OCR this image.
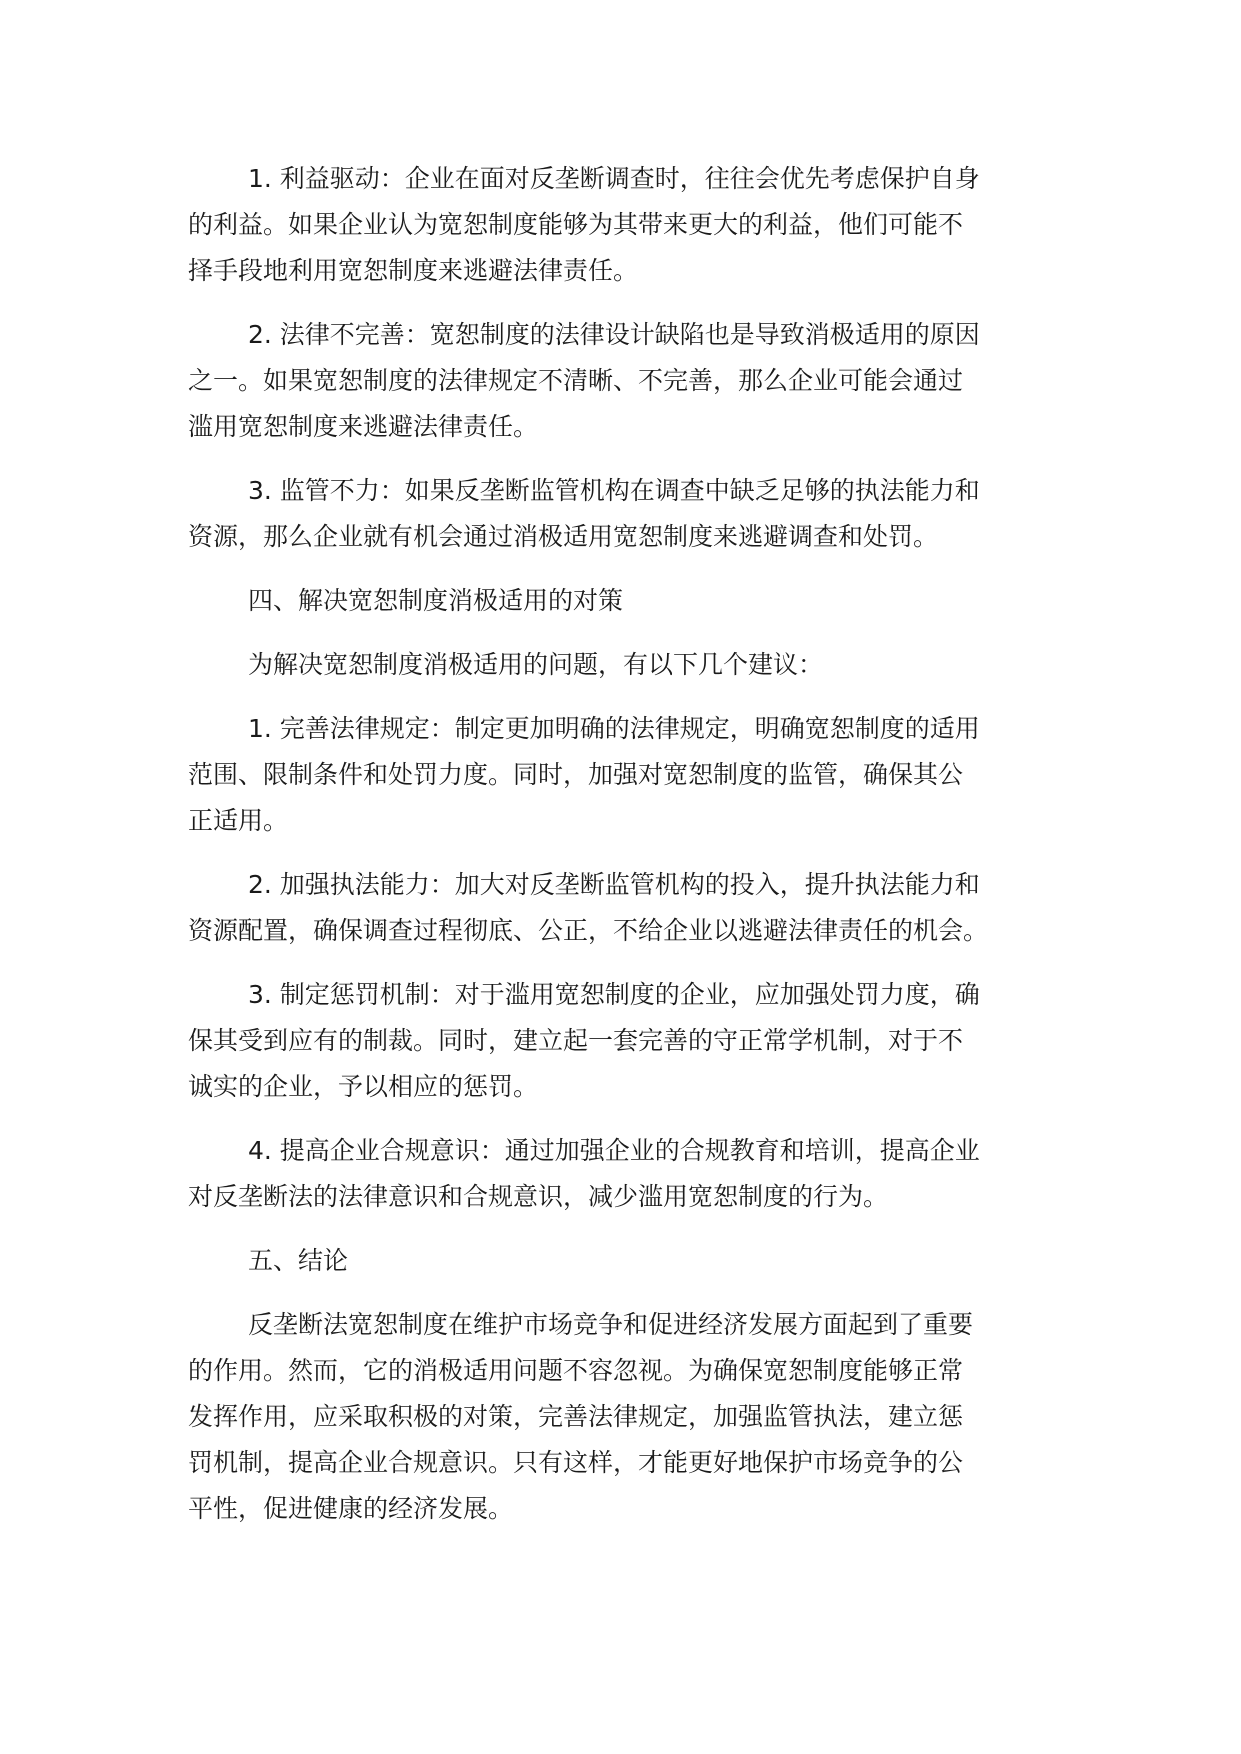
1. 利益驱动：企业在面对反垄断调查时，往往会优先考虑保护自身
的利益。如果企业认为宽恕制度能够为其带来更大的利益，他们可能不
择手段地利用宽恕制度来逃避法律责任。
2. 法律不完善：宽恕制度的法律设计缺陷也是导致消极适用的原因
之一。如果宽恕制度的法律规定不清晰、不完善，那么企业可能会通过
滥用宽恕制度来逃避法律责任。
3. 监管不力：如果反垄断监管机构在调查中缺乏足够的执法能力和
资源，那么企业就有机会通过消极适用宽恕制度来逃避调查和处罚。
四、解决宽恕制度消极适用的对策
为解决宽恕制度消极适用的问题，有以下几个建议：
1. 完善法律规定：制定更加明确的法律规定，明确宽恕制度的适用
范围、限制条件和处罚力度。同时，加强对宽恕制度的监管，确保其公
正适用。
2. 加强执法能力：加大对反垄断监管机构的投入，提升执法能力和
资源配置，确保调查过程彻底、公正，不给企业以逃避法律责任的机会。
3. 制定惩罚机制：对于滥用宽恕制度的企业，应加强处罚力度，确
保其受到应有的制裁。同时，建立起一套完善的守正常学机制，对于不
诚实的企业，予以相应的惩罚。
4. 提高企业合规意识：通过加强企业的合规教育和培训，提高企业
对反垄断法的法律意识和合规意识，减少滥用宽恕制度的行为。
五、结论
反垄断法宽恕制度在维护市场竞争和促进经济发展方面起到了重要
的作用。然而，它的消极适用问题不容忽视。为确保宽恕制度能够正常
发挥作用，应采取积极的对策，完善法律规定，加强监管执法，建立惩
罚机制，提高企业合规意识。只有这样，才能更好地保护市场竞争的公
平性，促进健康的经济发展。
